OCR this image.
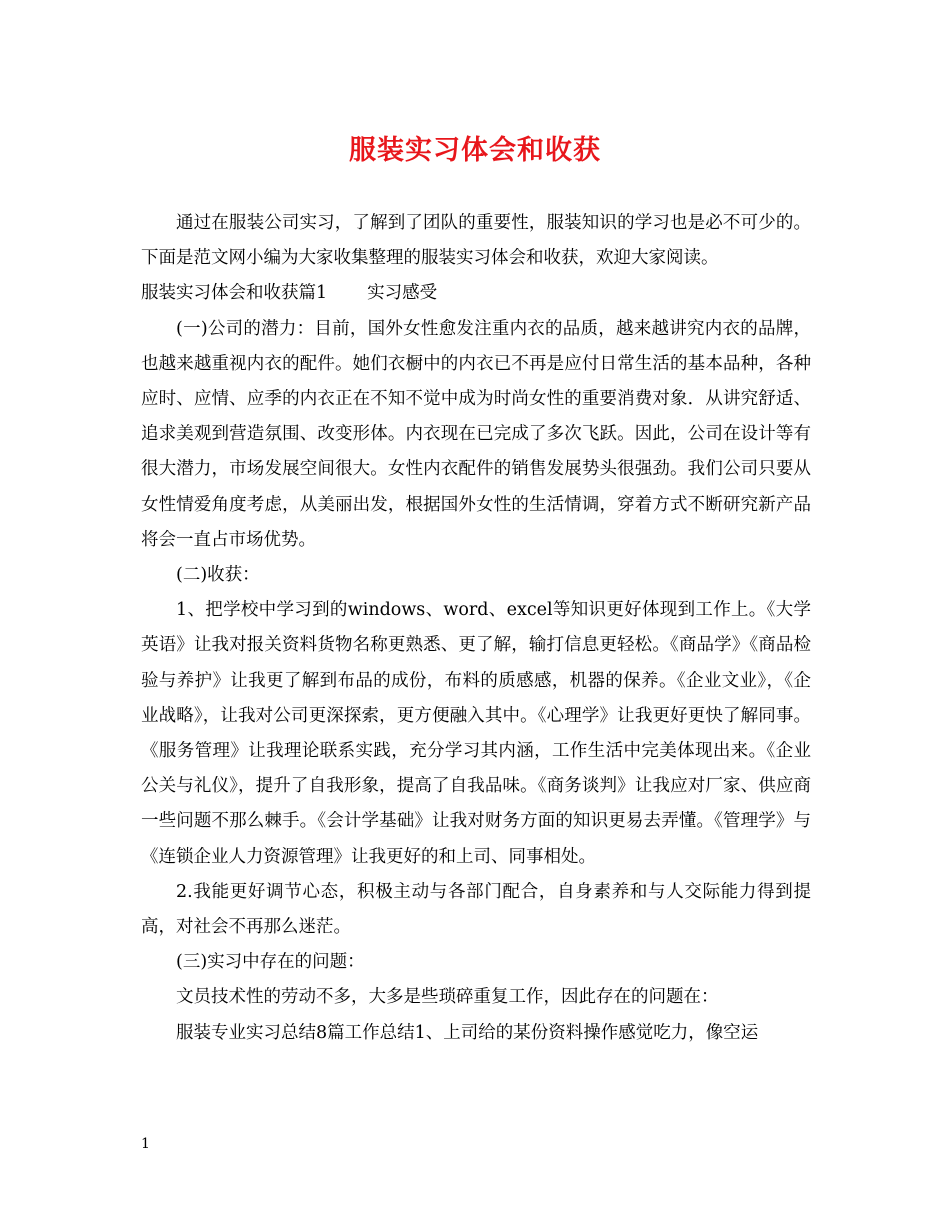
服装实习体会和收获

通过在服装公司实习，了解到了团队的重要性，服装知识的学习也是必不可少的。下面是范文网小编为大家收集整理的服装实习体会和收获，欢迎大家阅读。

服装实习体会和收获篇1 实习感受

(一)公司的潜力：目前，国外女性愈发注重内衣的品质，越来越讲究内衣的品牌，也越来越重视内衣的配件。她们衣橱中的内衣已不再是应付日常生活的基本品种，各种应时、应情、应季的内衣正在不知不觉中成为时尚女性的重要消费对象．从讲究舒适、追求美观到营造氛围、改变形体。内衣现在已完成了多次飞跃。因此，公司在设计等有很大潜力，市场发展空间很大。女性内衣配件的销售发展势头很强劲。我们公司只要从女性情爱角度考虑，从美丽出发，根据国外女性的生活情调，穿着方式不断研究新产品将会一直占市场优势。

(二)收获：

1、把学校中学习到的windows、word、excel等知识更好体现到工作上。《大学英语》让我对报关资料货物名称更熟悉、更了解，输打信息更轻松。《商品学》《商品检验与养护》让我更了解到布品的成份，布料的质感感，机器的保养。《企业文业》，《企业战略》，让我对公司更深探索，更方便融入其中。《心理学》让我更好更快了解同事。《服务管理》让我理论联系实践，充分学习其内涵，工作生活中完美体现出来。《企业公关与礼仪》，提升了自我形象，提高了自我品味。《商务谈判》让我应对厂家、供应商一些问题不那么棘手。《会计学基础》让我对财务方面的知识更易去弄懂。《管理学》与《连锁企业人力资源管理》让我更好的和上司、同事相处。

2.我能更好调节心态，积极主动与各部门配合，自身素养和与人交际能力得到提高，对社会不再那么迷茫。

(三)实习中存在的问题：

文员技术性的劳动不多，大多是些琐碎重复工作，因此存在的问题在：

服装专业实习总结8篇工作总结1、上司给的某份资料操作感觉吃力，像空运

1
